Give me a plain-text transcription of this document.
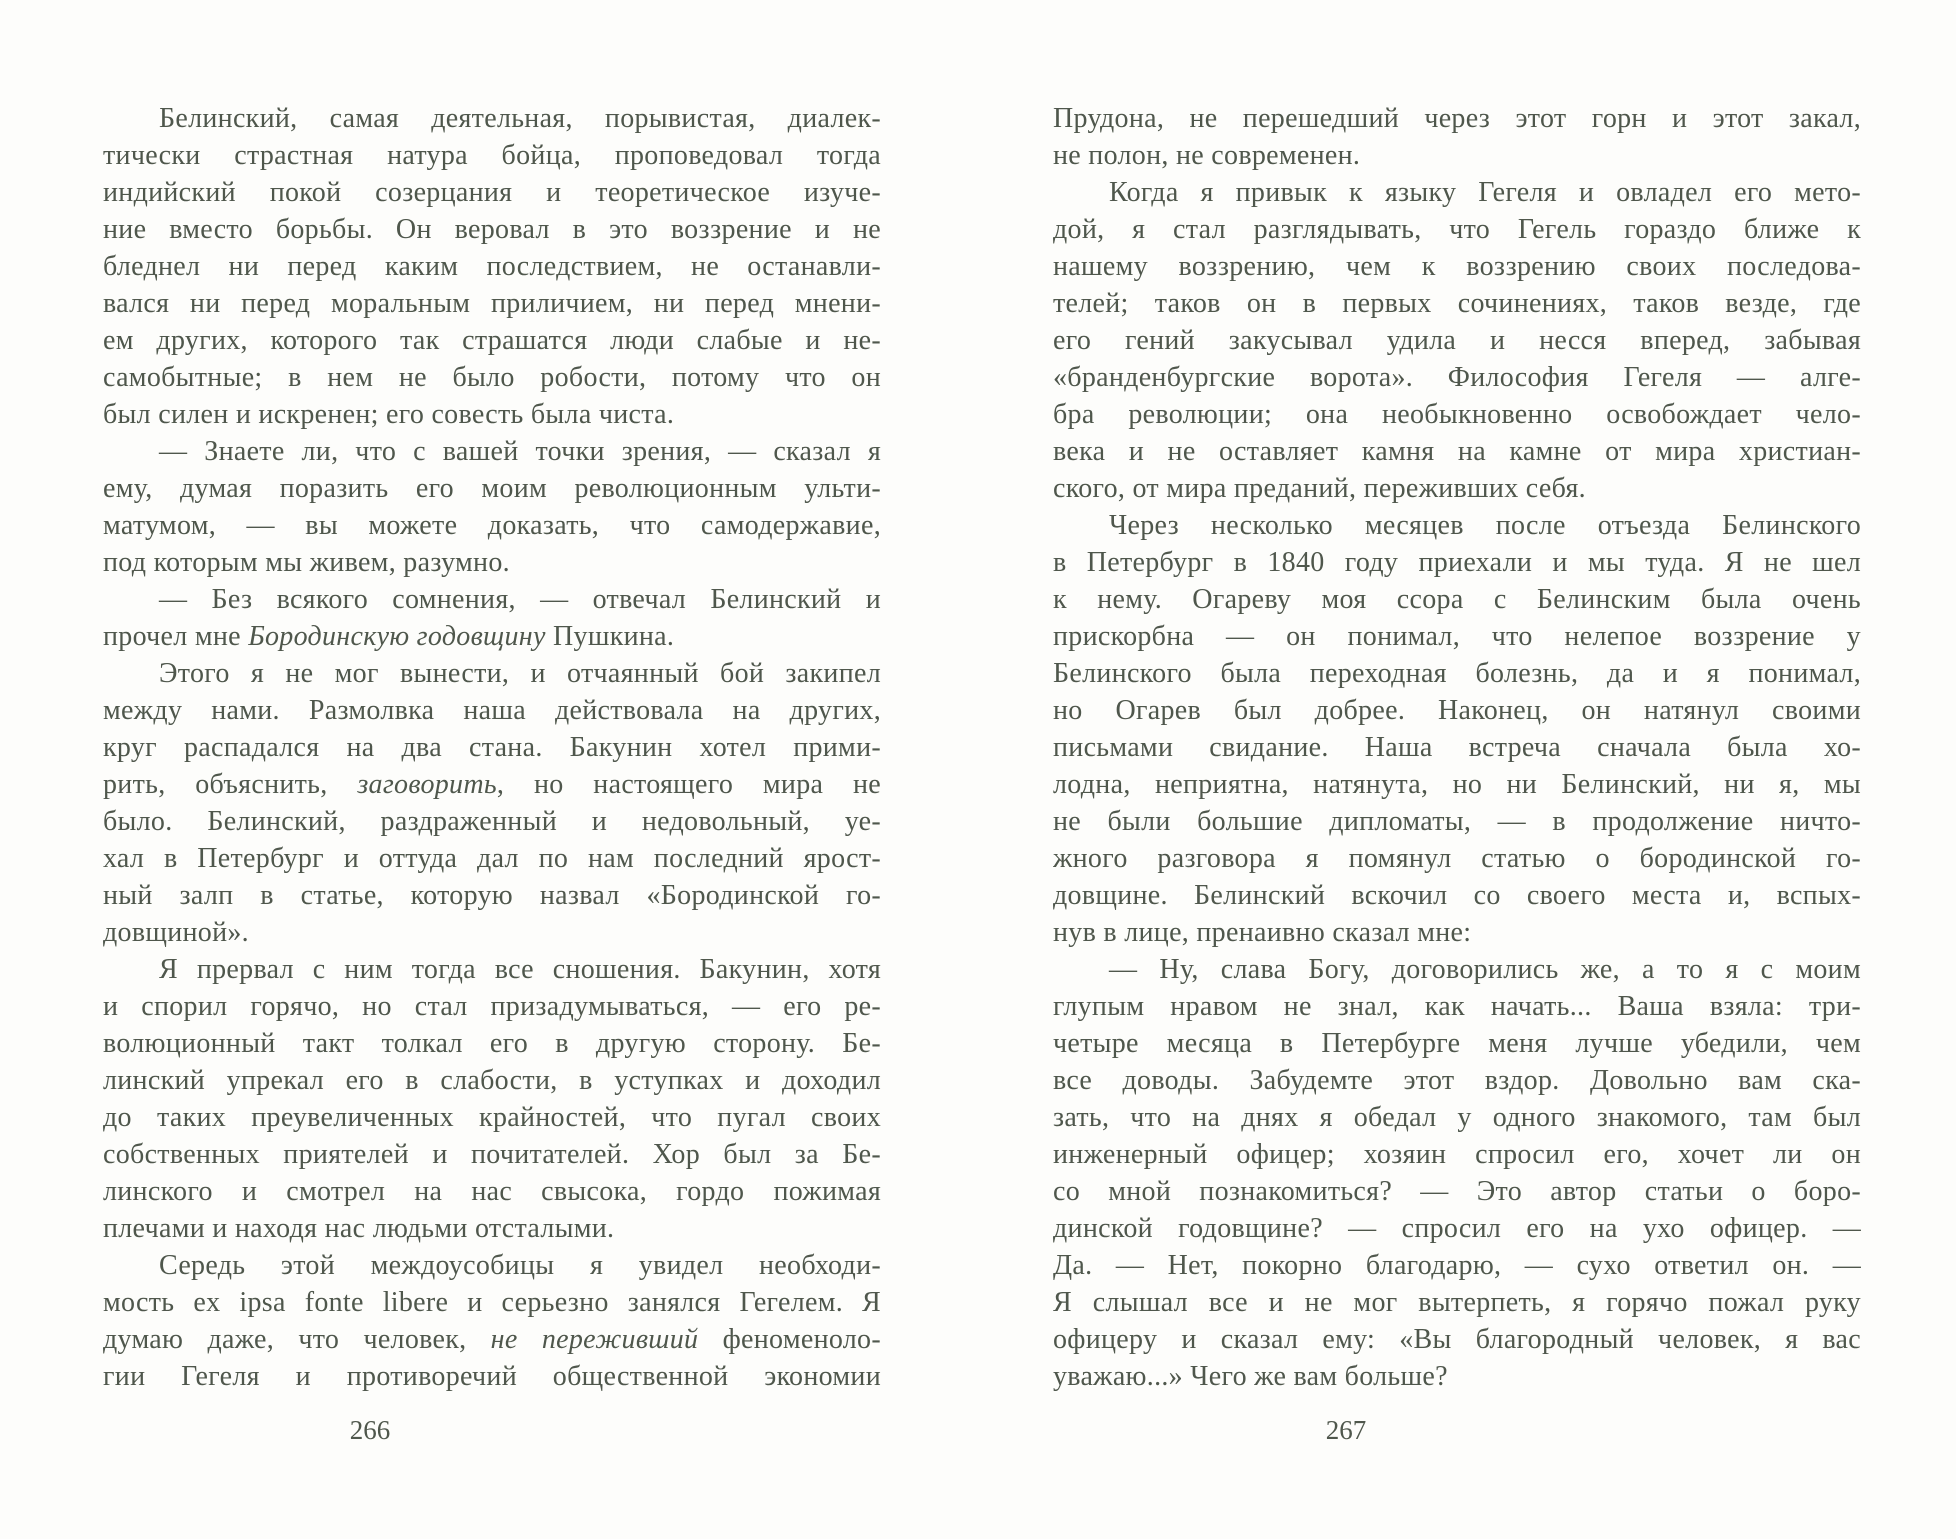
Белинский, самая деятельная, порывистая, диалек-
тически страстная натура бойца, проповедовал тогда
индийский покой созерцания и теоретическое изуче-
ние вместо борьбы. Он веровал в это воззрение и не
бледнел ни перед каким последствием, не останавли-
вался ни перед моральным приличием, ни перед мнени-
ем других, которого так страшатся люди слабые и не-
самобытные; в нем не было робости, потому что он
был силен и искренен; его совесть была чиста.
— Знаете ли, что с вашей точки зрения, — сказал я
ему, думая поразить его моим революционным ульти-
матумом, — вы можете доказать, что самодержавие,
под которым мы живем, разумно.
— Без всякого сомнения, — отвечал Белинский и
прочел мне Бородинскую годовщину Пушкина.
Этого я не мог вынести, и отчаянный бой закипел
между нами. Размолвка наша действовала на других,
круг распадался на два стана. Бакунин хотел прими-
рить, объяснить, заговорить, но настоящего мира не
было. Белинский, раздраженный и недовольный, уе-
хал в Петербург и оттуда дал по нам последний ярост-
ный залп в статье, которую назвал «Бородинской го-
довщиной».
Я прервал с ним тогда все сношения. Бакунин, хотя
и спорил горячо, но стал призадумываться, — его ре-
волюционный такт толкал его в другую сторону. Бе-
линский упрекал его в слабости, в уступках и доходил
до таких преувеличенных крайностей, что пугал своих
собственных приятелей и почитателей. Хор был за Бе-
линского и смотрел на нас свысока, гордо пожимая
плечами и находя нас людьми отсталыми.
Середь этой междоусобицы я увидел необходи-
мость ex ipsa fonte libere и серьезно занялся Гегелем. Я
думаю даже, что человек, не переживший феноменоло-
гии Гегеля и противоречий общественной экономии
Прудона, не перешедший через этот горн и этот закал,
не полон, не современен.
Когда я привык к языку Гегеля и овладел его мето-
дой, я стал разглядывать, что Гегель гораздо ближе к
нашему воззрению, чем к воззрению своих последова-
телей; таков он в первых сочинениях, таков везде, где
его гений закусывал удила и несся вперед, забывая
«бранденбургские ворота». Философия Гегеля — алге-
бра революции; она необыкновенно освобождает чело-
века и не оставляет камня на камне от мира христиан-
ского, от мира преданий, переживших себя.
Через несколько месяцев после отъезда Белинского
в Петербург в 1840 году приехали и мы туда. Я не шел
к нему. Огареву моя ссора с Белинским была очень
прискорбна — он понимал, что нелепое воззрение у
Белинского была переходная болезнь, да и я понимал,
но Огарев был добрее. Наконец, он натянул своими
письмами свидание. Наша встреча сначала была хо-
лодна, неприятна, натянута, но ни Белинский, ни я, мы
не были большие дипломаты, — в продолжение ничто-
жного разговора я помянул статью о бородинской го-
довщине. Белинский вскочил со своего места и, вспых-
нув в лице, пренаивно сказал мне:
— Ну, слава Богу, договорились же, а то я с моим
глупым нравом не знал, как начать... Ваша взяла: три-
четыре месяца в Петербурге меня лучше убедили, чем
все доводы. Забудемте этот вздор. Довольно вам ска-
зать, что на днях я обедал у одного знакомого, там был
инженерный офицер; хозяин спросил его, хочет ли он
со мной познакомиться? — Это автор статьи о боро-
динской годовщине? — спросил его на ухо офицер. —
Да. — Нет, покорно благодарю, — сухо ответил он. —
Я слышал все и не мог вытерпеть, я горячо пожал руку
офицеру и сказал ему: «Вы благородный человек, я вас
уважаю...» Чего же вам больше?
266	267
